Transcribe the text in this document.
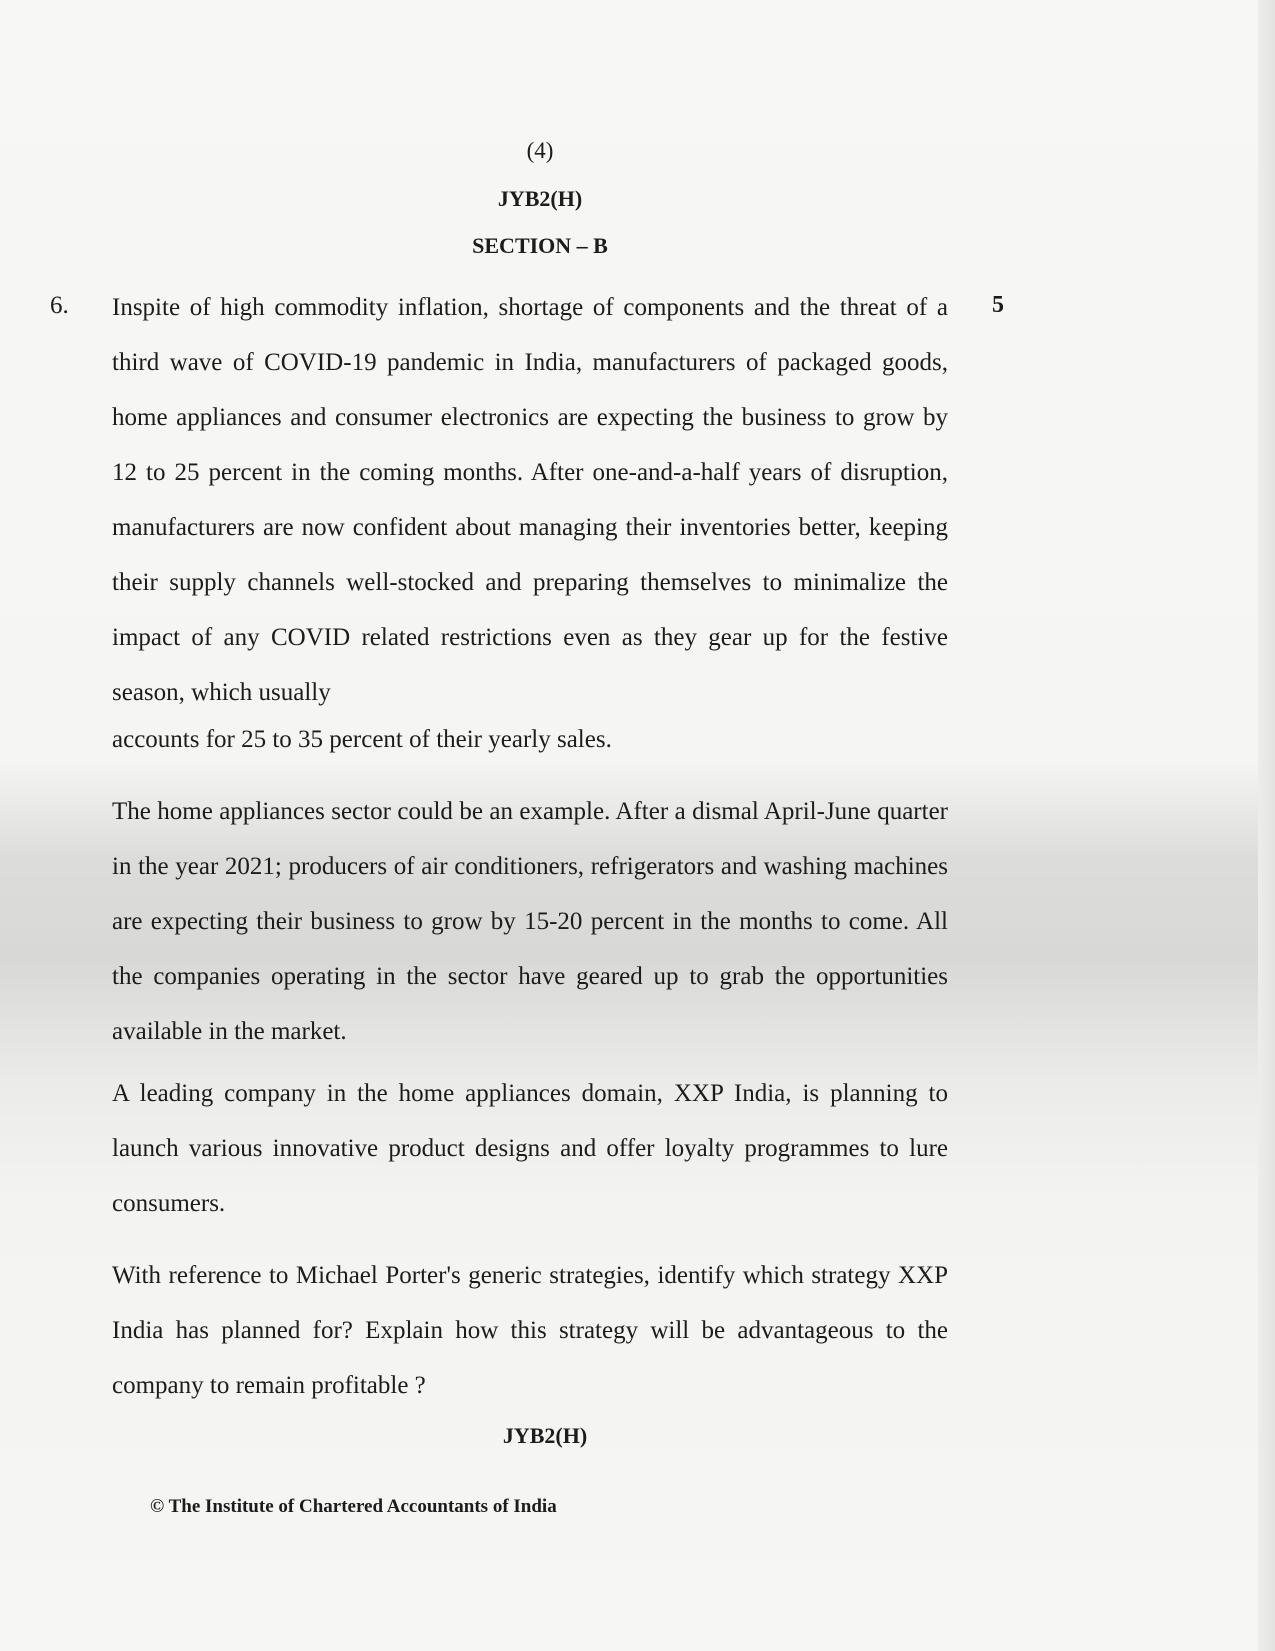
(4)
JYB2(H)
SECTION – B
6.	5

Inspite of high commodity inflation, shortage of components and the threat of a third wave of COVID-19 pandemic in India, manufacturers of packaged goods, home appliances and consumer electronics are expecting the business to grow by 12 to 25 percent in the coming months. After one-and-a-half years of disruption, manufacturers are now confident about managing their inventories better, keeping their supply channels well-stocked and preparing themselves to minimalize the impact of any COVID related restrictions even as they gear up for the festive season, which usually
accounts for 25 to 35 percent of their yearly sales.

The home appliances sector could be an example. After a dismal April-June quarter in the year 2021; producers of air conditioners, refrigerators and washing machines are expecting their business to grow by 15-20 percent in the months to come. All the companies operating in the sector have geared up to grab the opportunities available in the market.

A leading company in the home appliances domain, XXP India, is planning to launch various innovative product designs and offer loyalty programmes to lure consumers.

With reference to Michael Porter's generic strategies, identify which strategy XXP India has planned for? Explain how this strategy will be advantageous to the company to remain profitable ?

JYB2(H)
© The Institute of Chartered Accountants of India
